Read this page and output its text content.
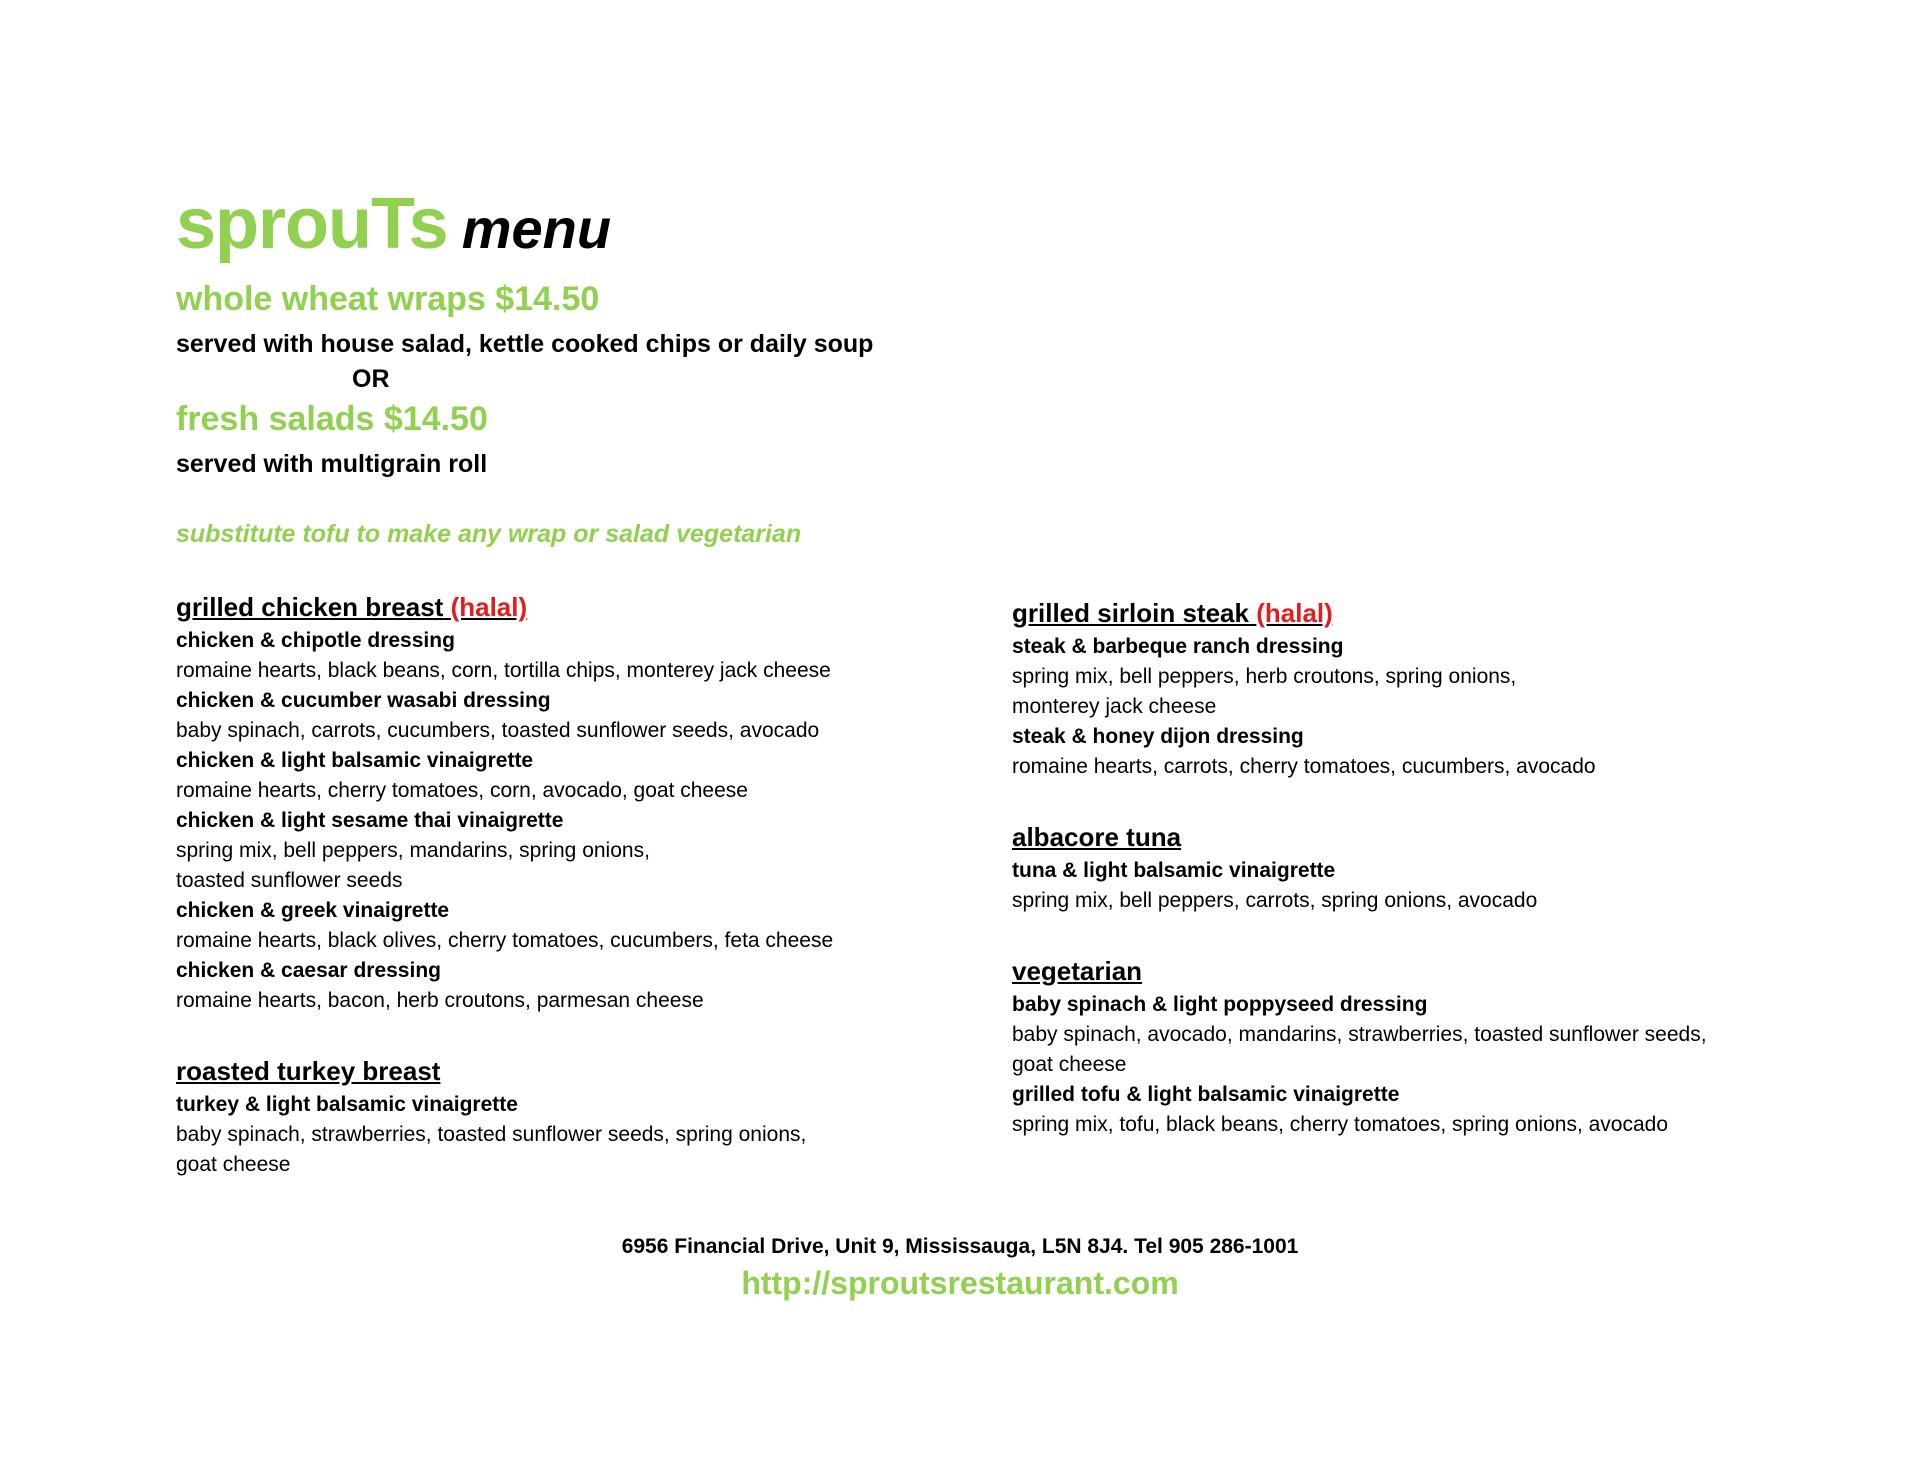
sprouTs menu
whole wheat wraps $14.50
served with house salad, kettle cooked chips or daily soup
OR
fresh salads $14.50
served with multigrain roll
substitute tofu to make any wrap or salad vegetarian
grilled chicken breast (halal)
chicken & chipotle dressing
romaine hearts, black beans, corn, tortilla chips, monterey jack cheese
chicken & cucumber wasabi dressing
baby spinach, carrots, cucumbers, toasted sunflower seeds, avocado
chicken & light balsamic vinaigrette
romaine hearts, cherry tomatoes, corn, avocado, goat cheese
chicken & light sesame thai vinaigrette
spring mix, bell peppers, mandarins, spring onions,
toasted sunflower seeds
chicken & greek vinaigrette
romaine hearts, black olives, cherry tomatoes, cucumbers, feta cheese
chicken & caesar dressing
romaine hearts, bacon, herb croutons, parmesan cheese
roasted turkey breast
turkey & light balsamic vinaigrette
baby spinach, strawberries, toasted sunflower seeds, spring onions,
goat cheese
grilled sirloin steak (halal)
steak & barbeque ranch dressing
spring mix, bell peppers, herb croutons, spring onions,
monterey jack cheese
steak & honey dijon dressing
romaine hearts, carrots, cherry tomatoes, cucumbers, avocado
albacore tuna
tuna & light balsamic vinaigrette
spring mix, bell peppers, carrots, spring onions, avocado
vegetarian
baby spinach & light poppyseed dressing
baby spinach, avocado, mandarins, strawberries, toasted sunflower seeds,
goat cheese
grilled tofu & light balsamic vinaigrette
spring mix, tofu, black beans, cherry tomatoes, spring onions, avocado
6956 Financial Drive, Unit 9, Mississauga, L5N 8J4. Tel 905 286-1001
http://sproutsrestaurant.com
